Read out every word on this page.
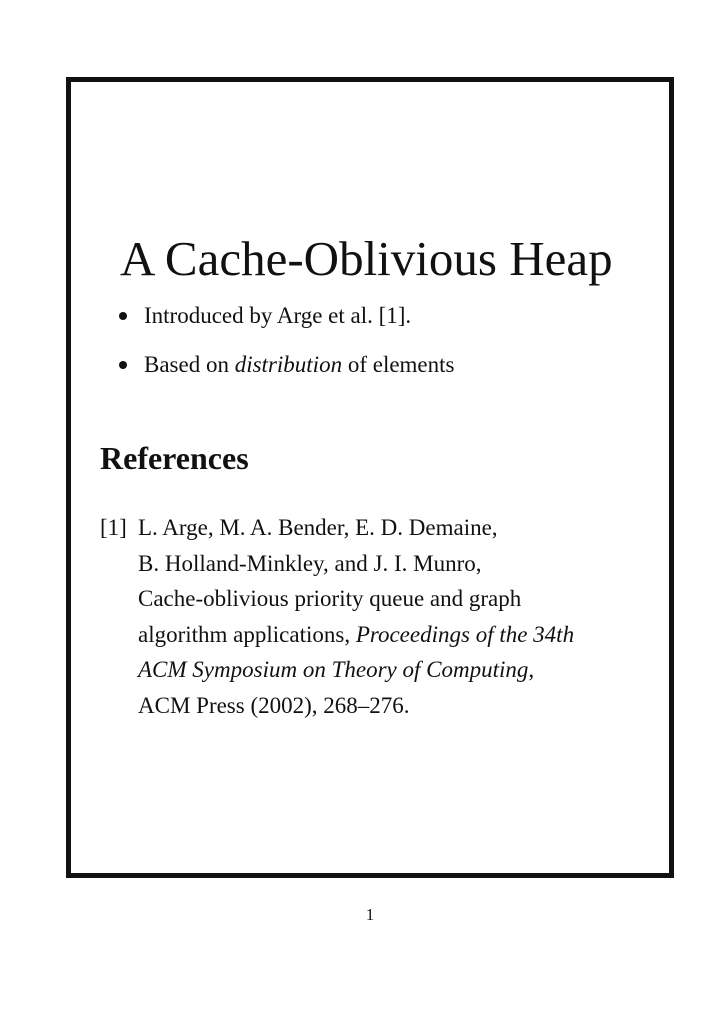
A Cache-Oblivious Heap
Introduced by Arge et al. [1].
Based on distribution of elements
References
[1] L. Arge, M. A. Bender, E. D. Demaine,
B. Holland-Minkley, and J. I. Munro,
Cache-oblivious priority queue and graph
algorithm applications, Proceedings of the 34th
ACM Symposium on Theory of Computing,
ACM Press (2002), 268–276.
1
